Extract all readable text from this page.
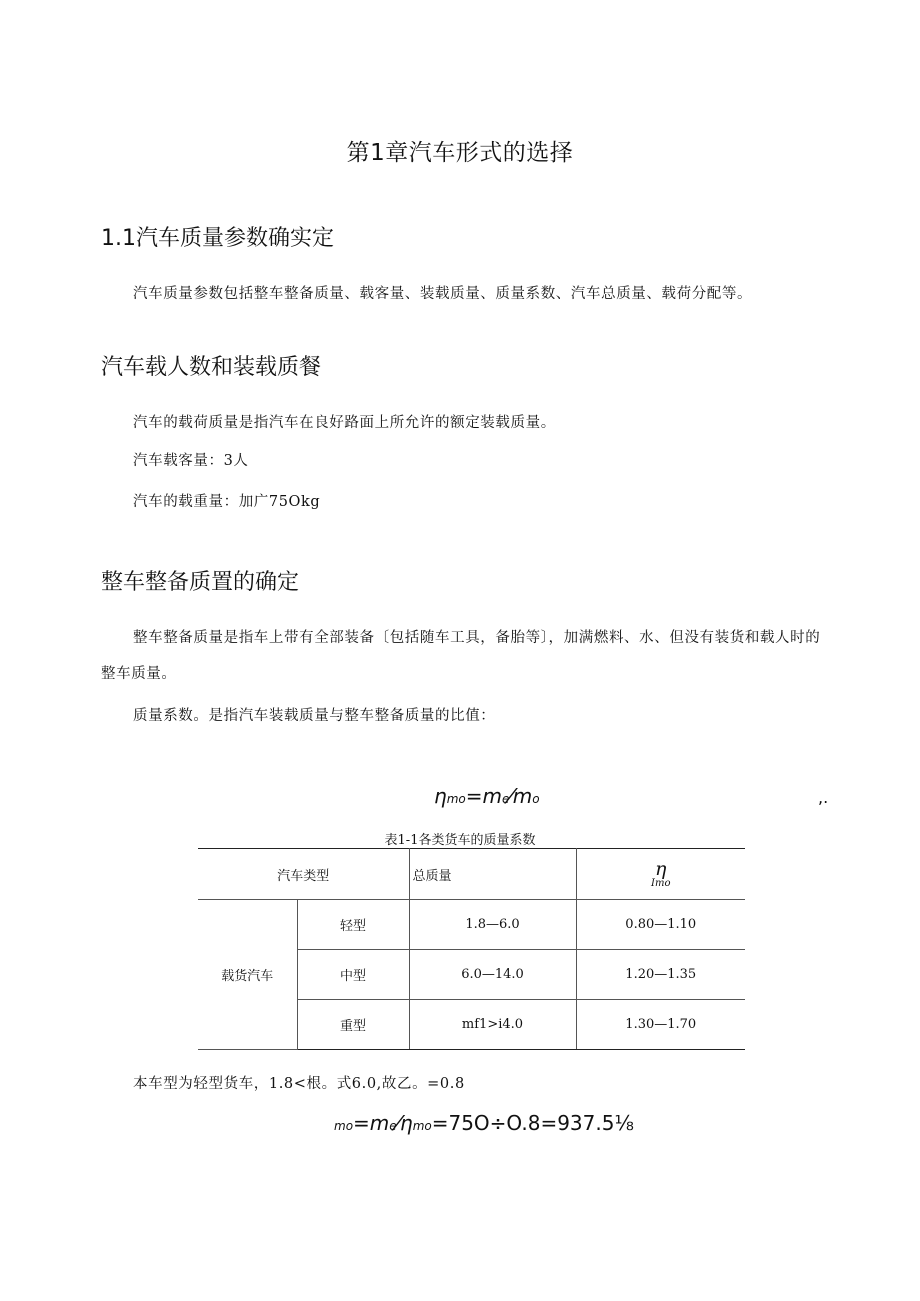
第1章汽车形式的选择
1.1汽车质量参数确实定
汽车质量参数包括整车整备质量、载客量、装载质量、质量系数、汽车总质量、载荷分配等。
汽车载人数和装载质餐
汽车的载荷质量是指汽车在良好路面上所允许的额定装载质量。
汽车载客量：3人
汽车的载重量：加广75Okg
整车整备质置的确定
整车整备质量是指车上带有全部装备〔包括随车工具，备胎等〕，加满燃料、水、但没有装货和载人时的
整车质量。
质量系数。是指汽车装载质量与整车整备质量的比值：
ηmo=me⁄mo	,.
表1-1各类货车的质量系数
汽车类型		总质量	η
Imo

载货汽车	轻型	1.8—6.0	0.80—1.10
	中型	6.0—14.0	1.20—1.35
	重型	mf1>i4.0	1.30—1.70
本车型为轻型货车，1.8<根。式6.0,故乙。=0.8
mo=me⁄ηmo=75O÷O.8=937.5⅛
